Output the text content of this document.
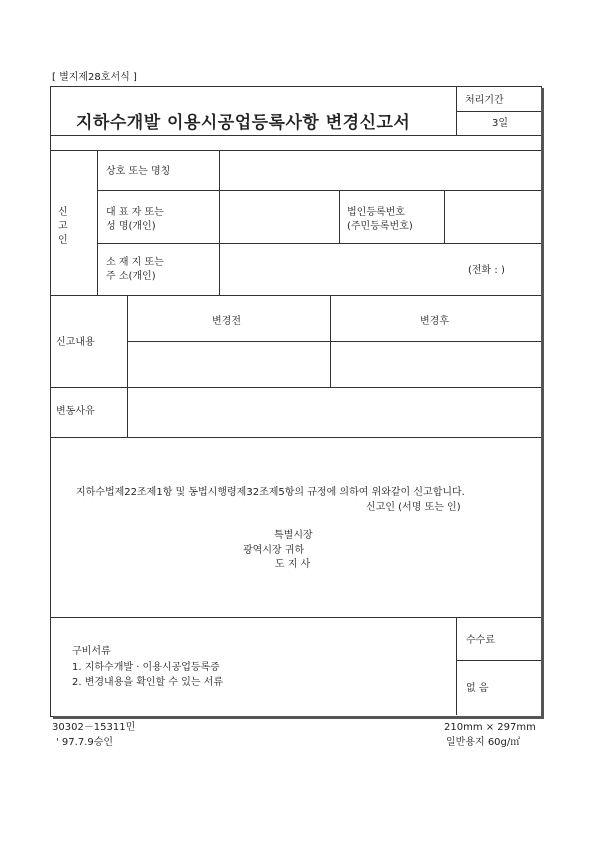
[ 별지제28호서식 ]
지하수개발 이용시공업등록사항 변경신고서
처리기간
3일
신
고
인
상호 또는 명칭
대 표 자 또는
성 명(개인)
법인등록번호
(주민등록번호)
소 재 지 또는
주 소(개인)
(전화 : )
신고내용
변경전	변경후
변동사유
지하수법제22조제1항 및 동법시행령제32조제5항의 규정에 의하여 위와같이 신고합니다.
신고인 (서명 또는 인)
특별시장
광역시장 귀하
도 지 사
구비서류
1. 지하수개발 · 이용시공업등록증
2. 변경내용을 확인할 수 있는 서류
수수료
없 음
30302－15311민
' 97.7.9승인
210mm × 297mm
일반용지 60g/㎡
